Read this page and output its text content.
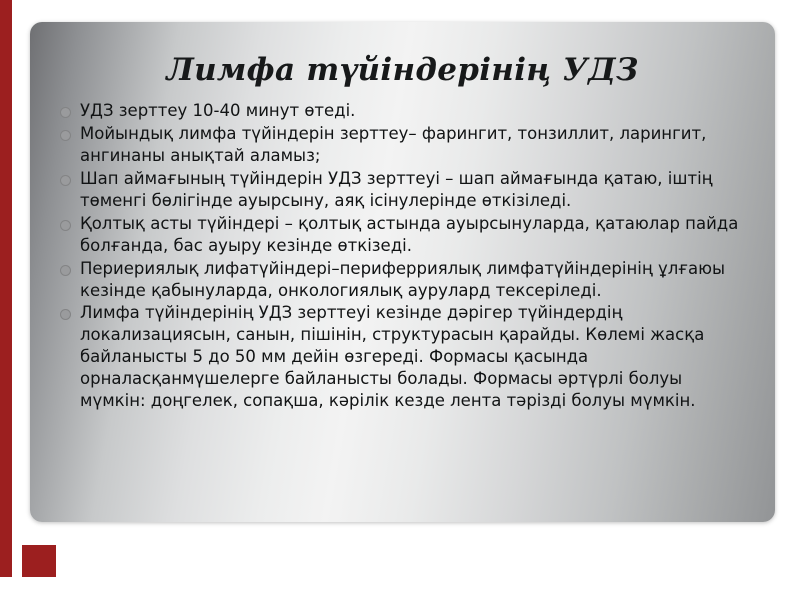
Лимфа түйіндерінің УДЗ
УДЗ зерттеу 10-40 минут өтеді.
Мойындық лимфа түйіндерін зерттеу– фарингит, тонзиллит, ларингит, ангинаны анықтай аламыз;
Шап аймағының түйіндерін УДЗ зерттеуі – шап аймағында қатаю, іштің төменгі бөлігінде ауырсыну, аяқ ісінулерінде өткізіледі.
Қолтық асты түйіндері – қолтық астында ауырсынуларда, қатаюлар пайда болғанда, бас ауыру кезінде өткізеді.
Периериялық лифатүйіндері–периферриялық лимфатүйіндерінің ұлғаюы кезінде қабынуларда, онкологиялық аурулард тексеріледі.
Лимфа түйіндерінің УДЗ зерттеуі кезінде дәрігер түйіндердің локализациясын, санын, пішінін, структурасын қарайды. Көлемі жасқа байланысты 5 до 50 мм дейін өзгереді. Формасы қасында орналасқанмүшелерге байланысты болады. Формасы әртүрлі болуы мүмкін: доңгелек, сопақша, кәрілік кезде лента тәрізді болуы мүмкін.
